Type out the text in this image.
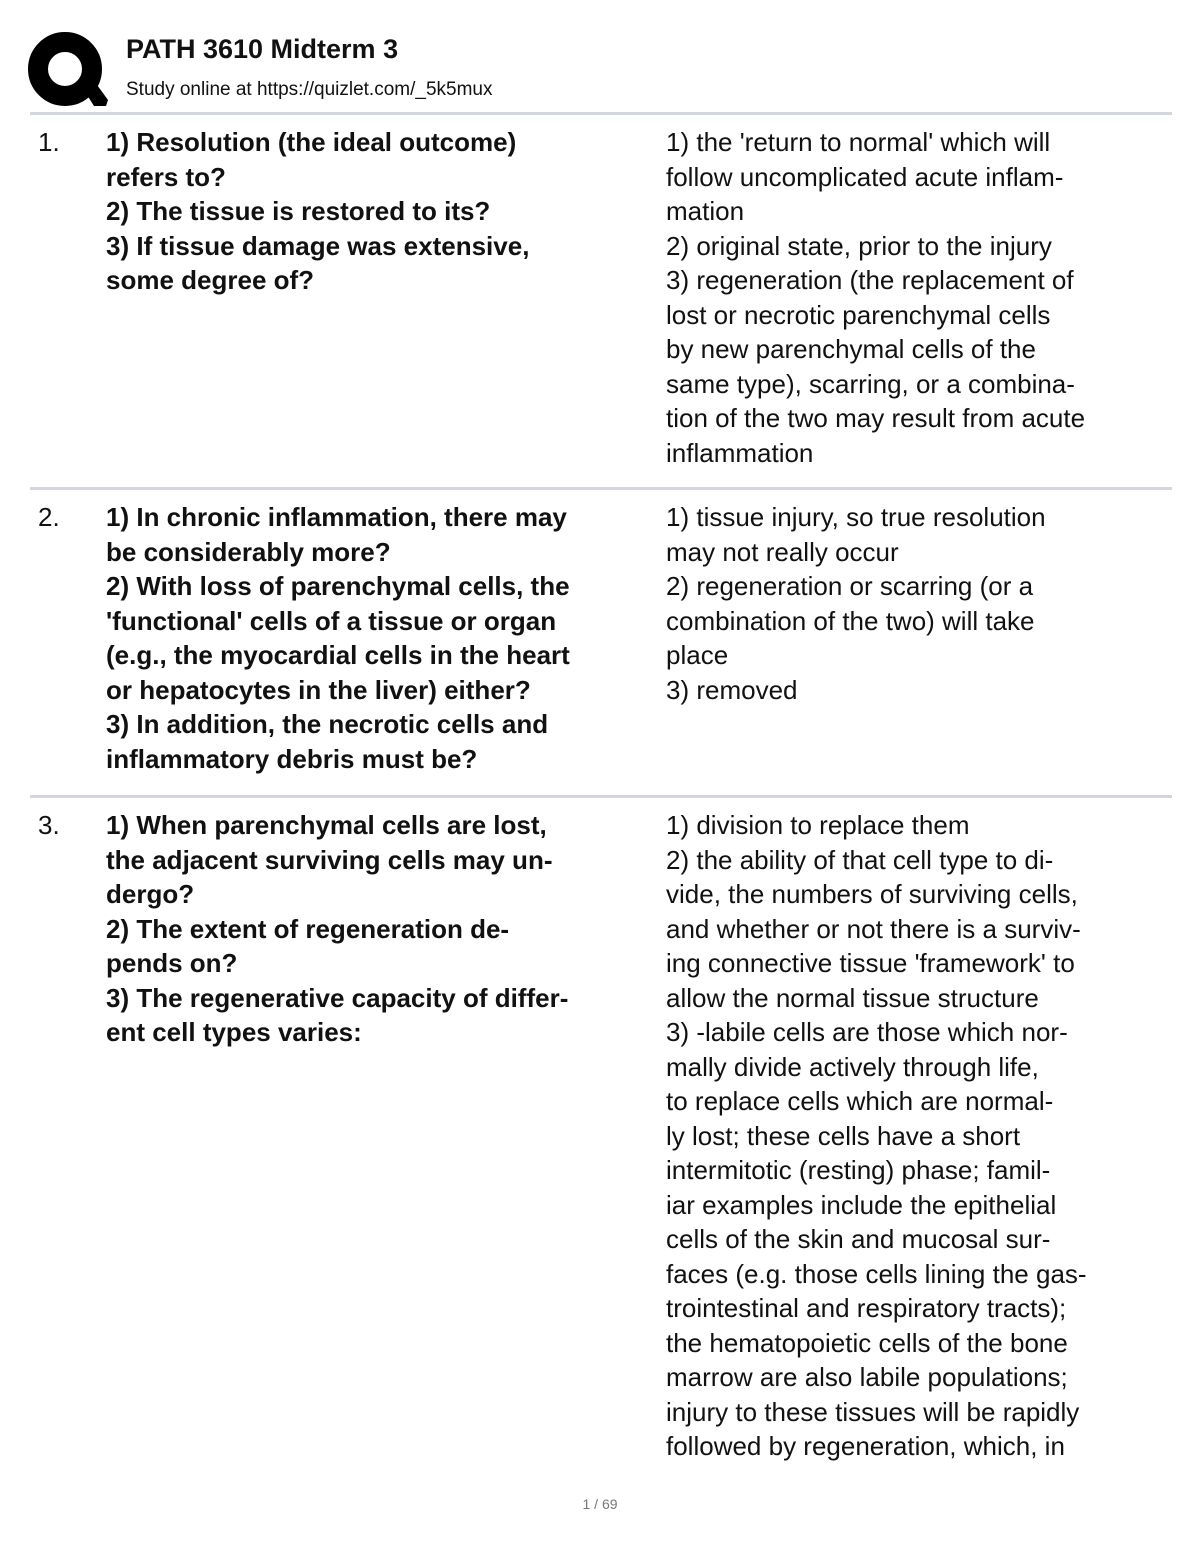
PATH 3610 Midterm 3
Study online at https://quizlet.com/_5k5mux
1. 1) Resolution (the ideal outcome)
refers to?
2) The tissue is restored to its?
3) If tissue damage was extensive,
some degree of?
1) the 'return to normal' which will
follow uncomplicated acute inflam-
mation
2) original state, prior to the injury
3) regeneration (the replacement of
lost or necrotic parenchymal cells
by new parenchymal cells of the
same type), scarring, or a combina-
tion of the two may result from acute
inflammation
2. 1) In chronic inflammation, there may
be considerably more?
2) With loss of parenchymal cells, the
'functional' cells of a tissue or organ
(e.g., the myocardial cells in the heart
or hepatocytes in the liver) either?
3) In addition, the necrotic cells and
inflammatory debris must be?
1) tissue injury, so true resolution
may not really occur
2) regeneration or scarring (or a
combination of the two) will take
place
3) removed
3. 1) When parenchymal cells are lost,
the adjacent surviving cells may un-
dergo?
2) The extent of regeneration de-
pends on?
3) The regenerative capacity of differ-
ent cell types varies:
1) division to replace them
2) the ability of that cell type to di-
vide, the numbers of surviving cells,
and whether or not there is a surviv-
ing connective tissue 'framework' to
allow the normal tissue structure
3) -labile cells are those which nor-
mally divide actively through life,
to replace cells which are normal-
ly lost; these cells have a short
intermitotic (resting) phase; famil-
iar examples include the epithelial
cells of the skin and mucosal sur-
faces (e.g. those cells lining the gas-
trointestinal and respiratory tracts);
the hematopoietic cells of the bone
marrow are also labile populations;
injury to these tissues will be rapidly
followed by regeneration, which, in
1 / 69
